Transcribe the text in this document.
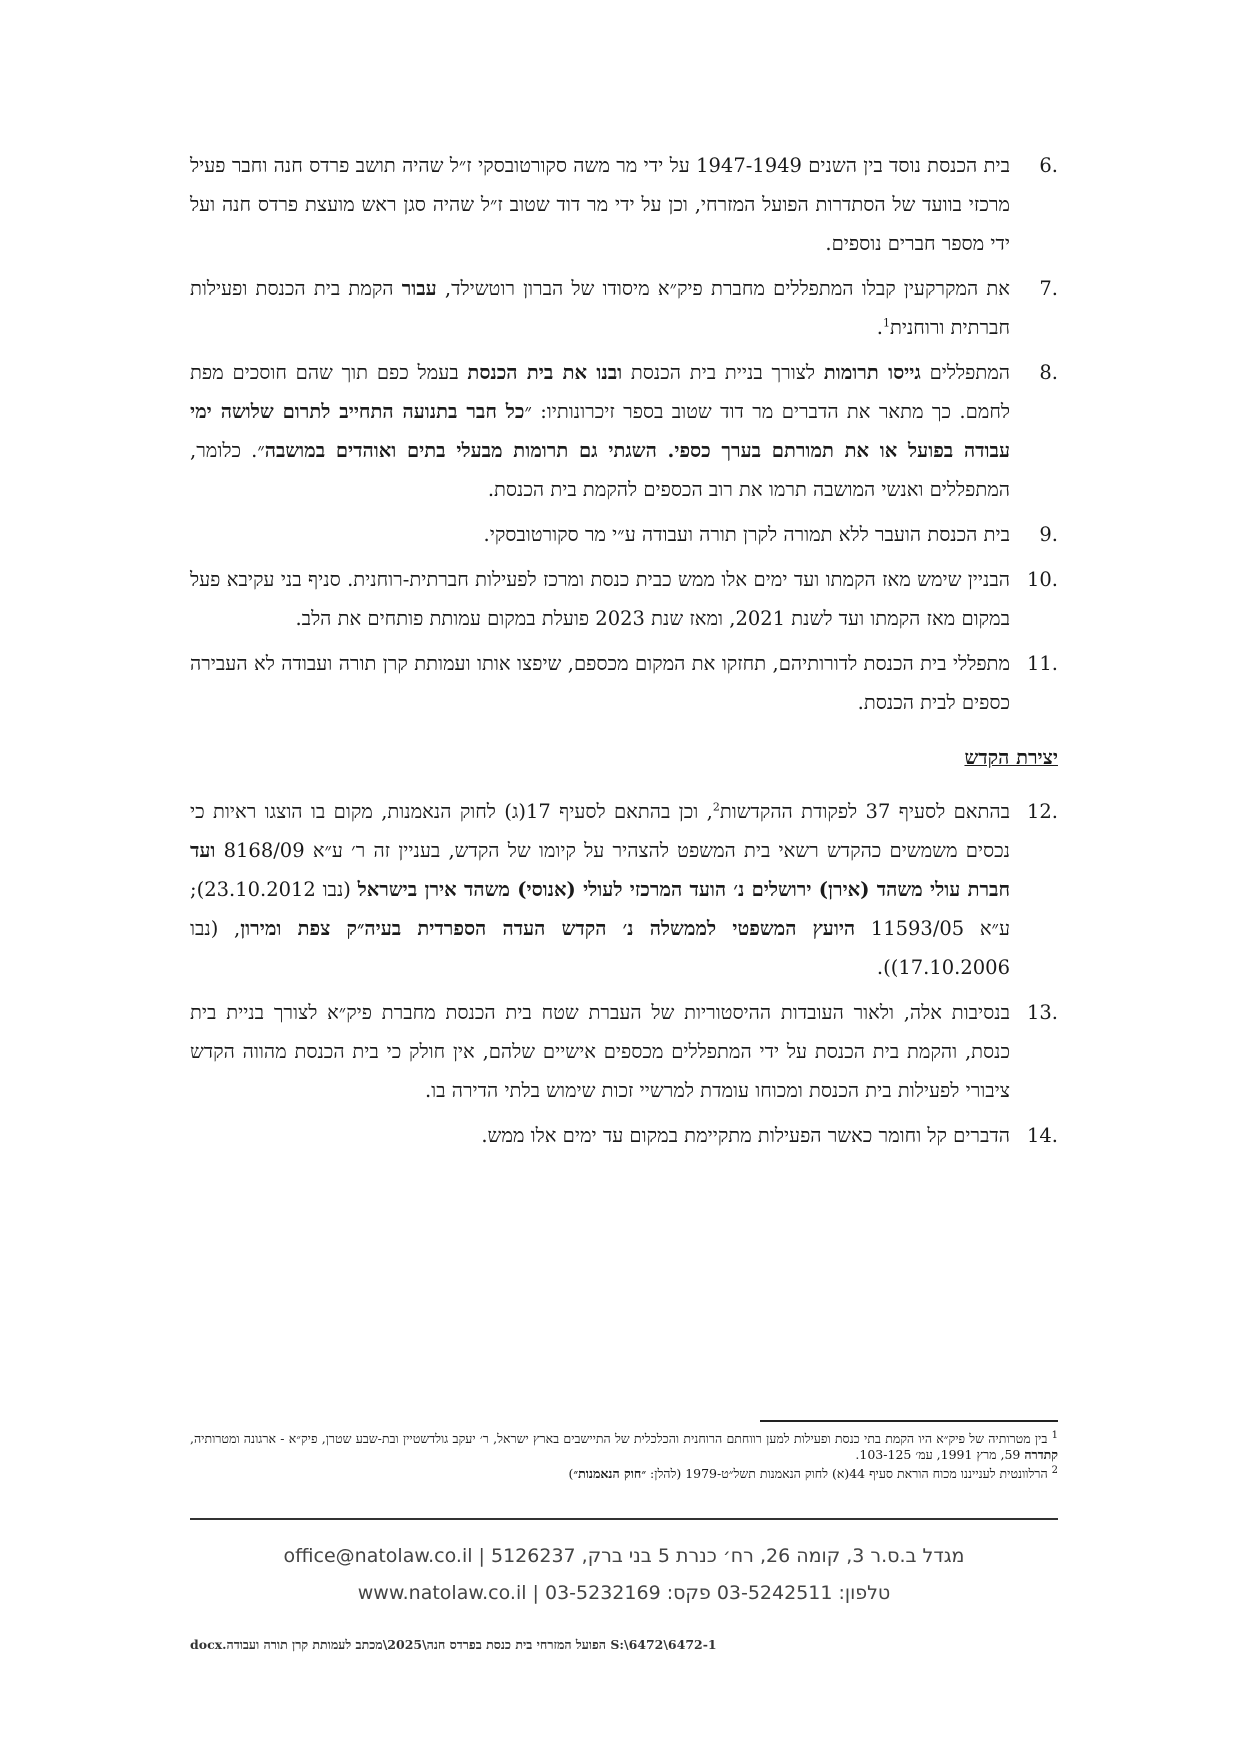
6.
בית הכנסת נוסד בין השנים 1947-1949 על ידי מר משה סקורטובסקי ז״ל שהיה תושב פרדס חנה וחבר פעיל מרכזי בוועד של הסתדרות הפועל המזרחי, וכן על ידי מר דוד שטוב ז״ל שהיה סגן ראש מועצת פרדס חנה ועל ידי מספר חברים נוספים.
7.
את המקרקעין קבלו המתפללים מחברת פיק״א מיסודו של הברון רוטשילד, עבור הקמת בית הכנסת ופעילות חברתית ורוחנית$^1$.
8.
המתפללים גייסו תרומות לצורך בניית בית הכנסת ובנו את בית הכנסת בעמל כפם תוך שהם חוסכים מפת לחמם. כך מתאר את הדברים מר דוד שטוב בספר זיכרונותיו: ״כל חבר בתנועה התחייב לתרום שלושה ימי עבודה בפועל או את תמורתם בערך כספי. השגתי גם תרומות מבעלי בתים ואוהדים במושבה״. כלומר, המתפללים ואנשי המושבה תרמו את רוב הכספים להקמת בית הכנסת.
9.
בית הכנסת הועבר ללא תמורה לקרן תורה ועבודה ע״י מר סקורטובסקי.
10.
הבניין שימש מאז הקמתו ועד ימים אלו ממש כבית כנסת ומרכז לפעילות חברתית-רוחנית. סניף בני עקיבא פעל במקום מאז הקמתו ועד לשנת 2021, ומאז שנת 2023 פועלת במקום עמותת פותחים את הלב.
11.
מתפללי בית הכנסת לדורותיהם, תחזקו את המקום מכספם, שיפצו אותו ועמותת קרן תורה ועבודה לא העבירה כספים לבית הכנסת.
יצירת הקדש
12.
בהתאם לסעיף 37 לפקודת ההקדשות$^2$, וכן בהתאם לסעיף 17(ג) לחוק הנאמנות, מקום בו הוצגו ראיות כי נכסים משמשים כהקדש רשאי בית המשפט להצהיר על קיומו של הקדש, בעניין זה ר׳ ע״א 8168/09 ועד חברת עולי משהד (אירן) ירושלים נ׳ הועד המרכזי לעולי (אנוסי) משהד אירן בישראל (נבו 23.10.2012); ע״א 11593/05 היועץ המשפטי לממשלה נ׳ הקדש העדה הספרדית בעיה״ק צפת ומירון, (נבו 17.10.2006)).
13.
בנסיבות אלה, ולאור העובדות ההיסטוריות של העברת שטח בית הכנסת מחברת פיק״א לצורך בניית בית כנסת, והקמת בית הכנסת על ידי המתפללים מכספים אישיים שלהם, אין חולק כי בית הכנסת מהווה הקדש ציבורי לפעילות בית הכנסת ומכוחו עומדת למרשיי זכות שימוש בלתי הדירה בו.
14.
הדברים קל וחומר כאשר הפעילות מתקיימת במקום עד ימים אלו ממש.
$^1$ בין מטרותיה של פיק״א היו הקמת בתי כנסת ופעילות למען רווחתם הרוחנית והכלכלית של התיישבים בארץ ישראל, ר׳ יעקב גולדשטיין ובת-שבע שטרן, פיק״א - ארגונה ומטרותיה, קתדרה 59, מרץ 1991, עמ׳ 103-125.
$^2$ הרלוונטית לענייננו מכוח הוראת סעיף 44(א) לחוק הנאמנות תשל״ט-1979 (להלן: ״חוק הנאמנות״)
מגדל ב.ס.ר 3, קומה 26, רח׳ כנרת 5 בני ברק, 5126237 | office@natolaw.co.il
טלפון: 03-5242511 פקס: 03-5232169 | www.natolaw.co.il
S:\6472\6472-1 הפועל המזרחי בית כנסת בפרדס חנה\2025\מכתב לעמותת קרן תורה ועבודה.docx
